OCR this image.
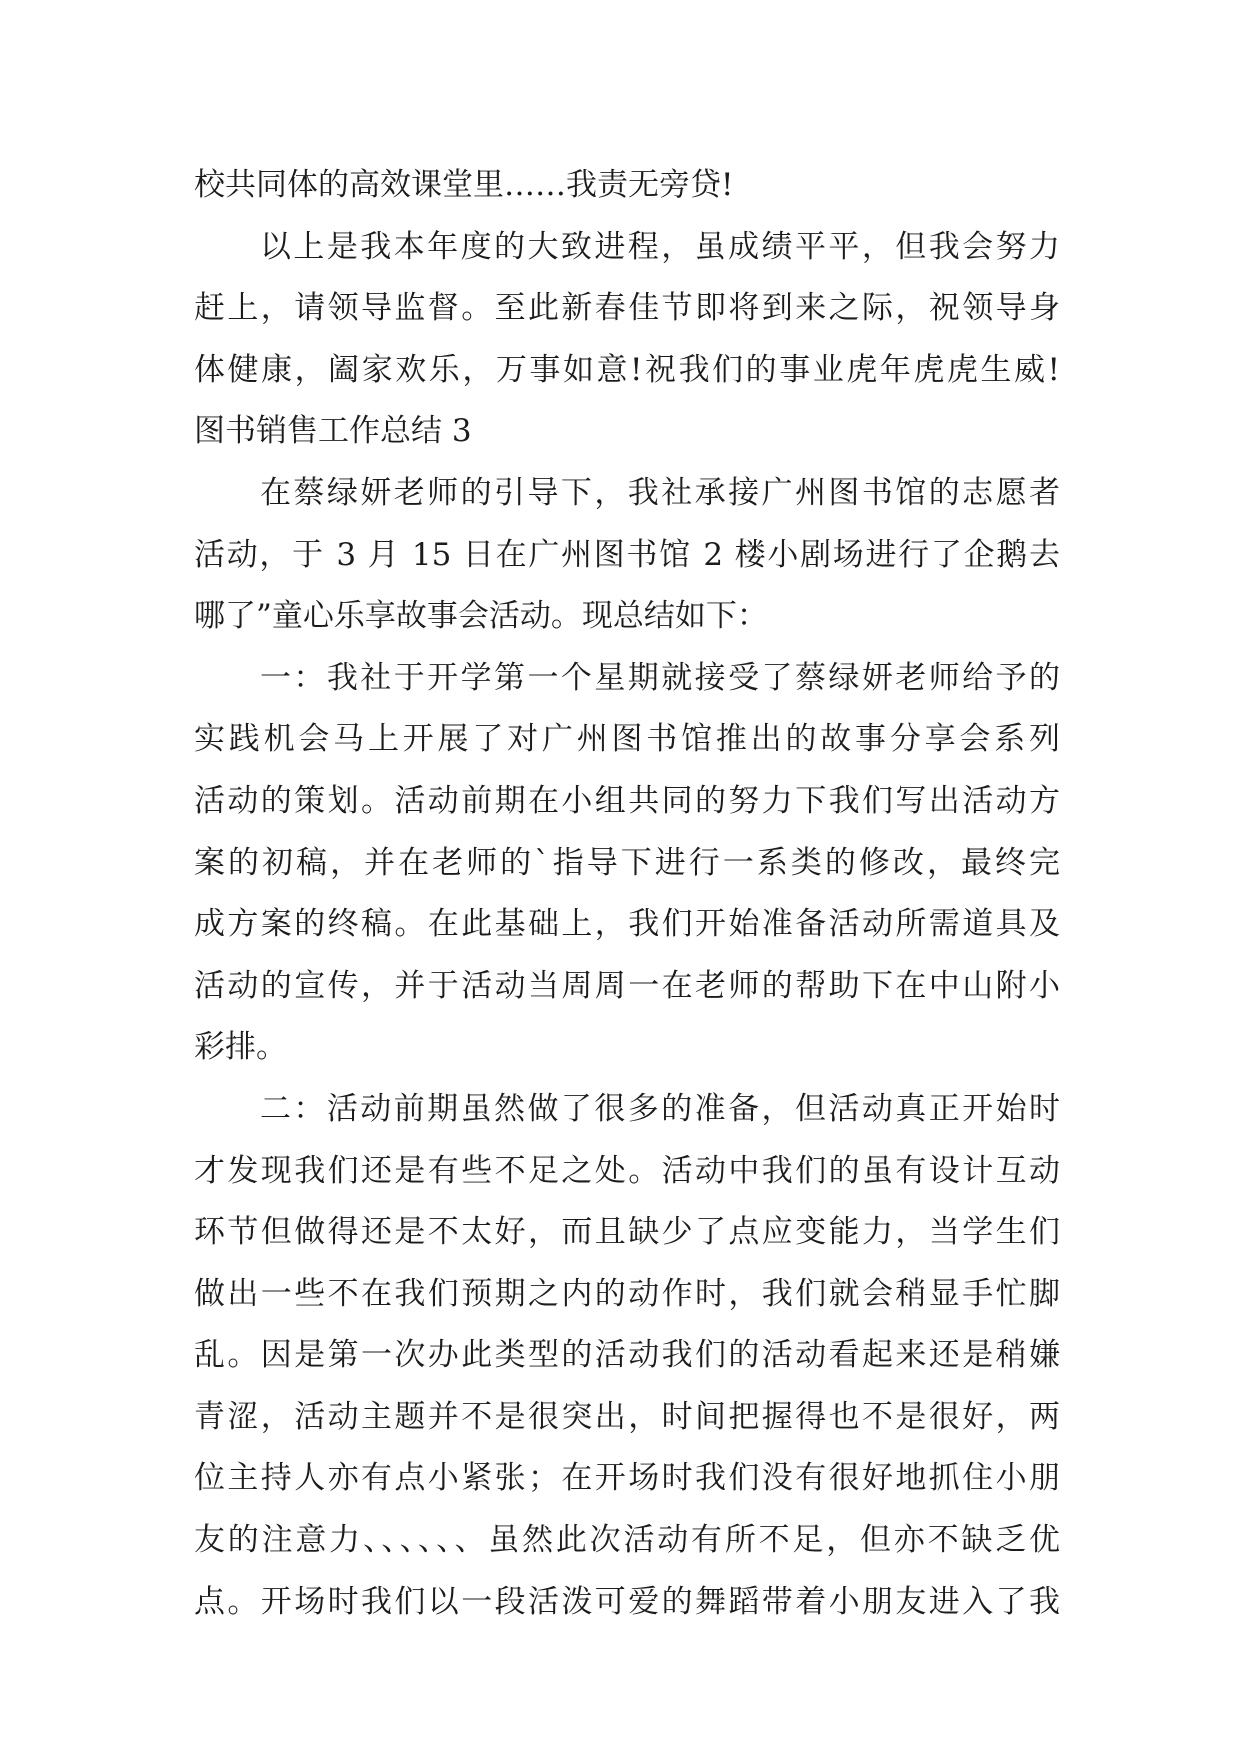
校共同体的高效课堂里……我责无旁贷!

以上是我本年度的大致进程，虽成绩平平，但我会努力
赶上，请领导监督。至此新春佳节即将到来之际，祝领导身
体健康，阖家欢乐，万事如意!祝我们的事业虎年虎虎生威!

图书销售工作总结 3

在蔡绿妍老师的引导下，我社承接广州图书馆的志愿者
活动，于 3 月 15 日在广州图书馆 2 楼小剧场进行了企鹅去
哪了”童心乐享故事会活动。现总结如下：

一：我社于开学第一个星期就接受了蔡绿妍老师给予的
实践机会马上开展了对广州图书馆推出的故事分享会系列
活动的策划。活动前期在小组共同的努力下我们写出活动方
案的初稿，并在老师的`指导下进行一系类的修改，最终完
成方案的终稿。在此基础上，我们开始准备活动所需道具及
活动的宣传，并于活动当周周一在老师的帮助下在中山附小
彩排。

二：活动前期虽然做了很多的准备，但活动真正开始时
才发现我们还是有些不足之处。活动中我们的虽有设计互动
环节但做得还是不太好，而且缺少了点应变能力，当学生们
做出一些不在我们预期之内的动作时，我们就会稍显手忙脚
乱。因是第一次办此类型的活动我们的活动看起来还是稍嫌
青涩，活动主题并不是很突出，时间把握得也不是很好，两
位主持人亦有点小紧张；在开场时我们没有很好地抓住小朋
友的注意力、、、、、、虽然此次活动有所不足，但亦不缺乏优
点。开场时我们以一段活泼可爱的舞蹈带着小朋友进入了我
